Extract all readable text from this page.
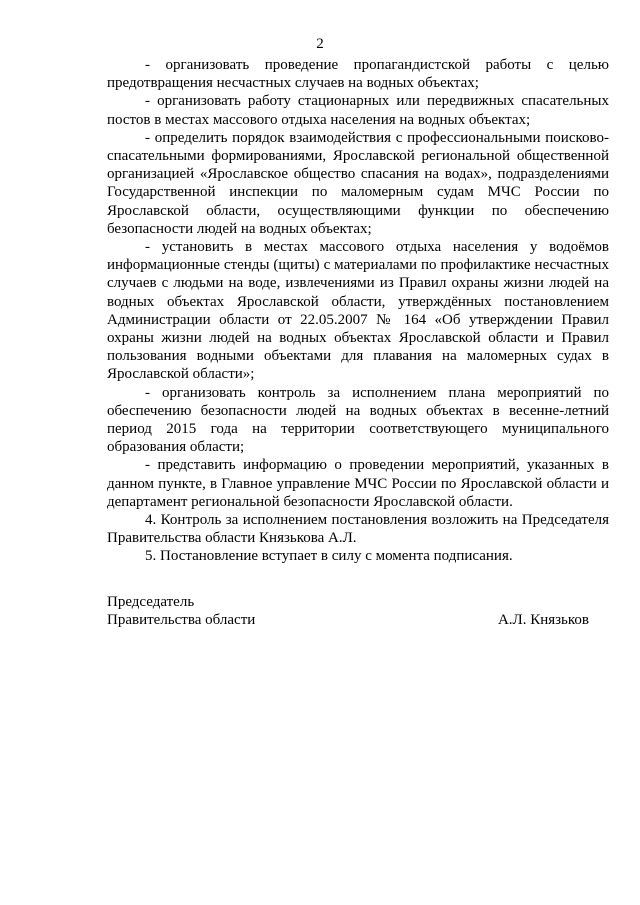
2

- организовать проведение пропагандистской работы с целью предотвращения несчастных случаев на водных объектах;

- организовать работу стационарных или передвижных спасательных постов в местах массового отдыха населения на водных объектах;

- определить порядок взаимодействия с профессиональными поисково-спасательными формированиями, Ярославской региональной общественной организацией «Ярославское общество спасания на водах», подразделениями Государственной инспекции по маломерным судам МЧС России по Ярославской области, осуществляющими функции по обеспечению безопасности людей на водных объектах;

- установить в местах массового отдыха населения у водоёмов информационные стенды (щиты) с материалами по профилактике несчастных случаев с людьми на воде, извлечениями из Правил охраны жизни людей на водных объектах Ярославской области, утверждённых постановлением Администрации области от 22.05.2007 № 164 «Об утверждении Правил охраны жизни людей на водных объектах Ярославской области и Правил пользования водными объектами для плавания на маломерных судах в Ярославской области»;

- организовать контроль за исполнением плана мероприятий по обеспечению безопасности людей на водных объектах в весенне-летний период 2015 года на территории соответствующего муниципального образования области;

- представить информацию о проведении мероприятий, указанных в данном пункте, в Главное управление МЧС России по Ярославской области и департамент региональной безопасности Ярославской области.

4. Контроль за исполнением постановления возложить на Председателя Правительства области Князькова А.Л.

5. Постановление вступает в силу с момента подписания.

Председатель
Правительства области	А.Л. Князьков
